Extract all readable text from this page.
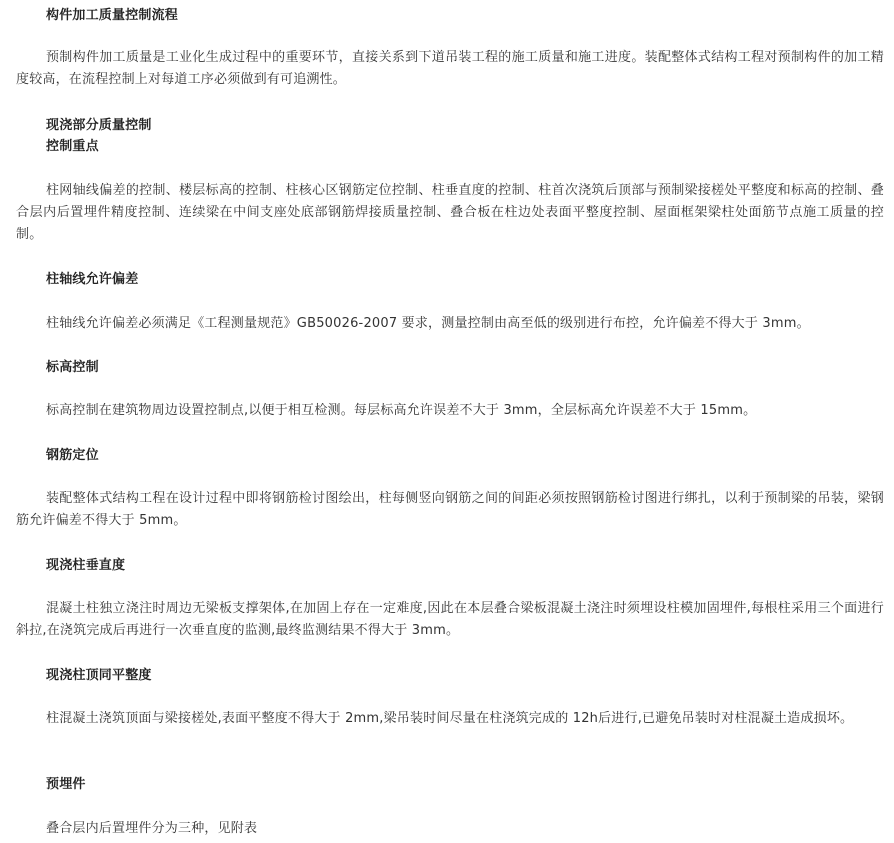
构件加工质量控制流程
预制构件加工质量是工业化生成过程中的重要环节，直接关系到下道吊装工程的施工质量和施工进度。装配整体式结构工程对预制构件的加工精度较高，在流程控制上对每道工序必须做到有可追溯性。
现浇部分质量控制
控制重点
柱网轴线偏差的控制、楼层标高的控制、柱核心区钢筋定位控制、柱垂直度的控制、柱首次浇筑后顶部与预制梁接槎处平整度和标高的控制、叠合层内后置埋件精度控制、连续梁在中间支座处底部钢筋焊接质量控制、叠合板在柱边处表面平整度控制、屋面框架梁柱处面筋节点施工质量的控制。
柱轴线允许偏差
柱轴线允许偏差必须满足《工程测量规范》GB50026-2007 要求，测量控制由高至低的级别进行布控，允许偏差不得大于 3mm。
标高控制
标高控制在建筑物周边设置控制点,以便于相互检测。每层标高允许误差不大于 3mm，全层标高允许误差不大于 15mm。
钢筋定位
装配整体式结构工程在设计过程中即将钢筋检讨图绘出，柱每侧竖向钢筋之间的间距必须按照钢筋检讨图进行绑扎，以利于预制梁的吊装，梁钢筋允许偏差不得大于 5mm。
现浇柱垂直度
混凝土柱独立浇注时周边无梁板支撑架体,在加固上存在一定难度,因此在本层叠合梁板混凝土浇注时须埋设柱模加固埋件,每根柱采用三个面进行斜拉,在浇筑完成后再进行一次垂直度的监测,最终监测结果不得大于 3mm。
现浇柱顶同平整度
柱混凝土浇筑顶面与梁接槎处,表面平整度不得大于 2mm,梁吊装时间尽量在柱浇筑完成的 12h后进行,已避免吊装时对柱混凝土造成损坏。
预埋件
叠合层内后置埋件分为三种，见附表
